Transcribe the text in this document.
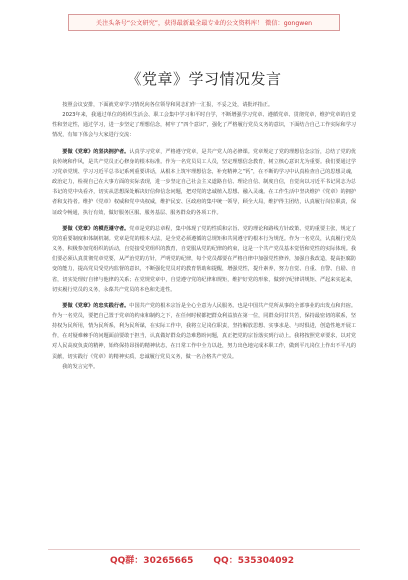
关注头条号“公文研究”，获得最新最全最专业的公文资料库！ 微信：gongwen
《党章》学习情况发言

按照会议安排，下面就党章学习情况向各位领导和同志们作一汇报，不妥之处，请批评指正。

2023年来，我通过单位的组织生活会、职工会集中学习和平时自学，不断增强学习党章、遵循党章、贯彻党章，维护党章的自觉性和坚定性，通过学习，进一步坚定了理想信念，树牢了“四个意识”，强化了严格履行党员义务的意识，下面结合自己工作实际和学习情况，有如下体会与大家进行交流：

要做《党章》的坚决拥护者。认真学习党章，严格遵守党章，是共产党人的必修课。党章规定了党的理想信念宗旨，总结了党的优良传统和作风，是共产党员正心修身的根本标准。作为一名党员员工人员，坚定理想信念教育，树立核心意识尤为重要。我们要通过学习党章党规、学习习近平总书记系列重要讲话，从根本上筑牢理想信念，补充精神之“钙”，在不断的学习中认真检查自己的思想灵魂，政治定力，检视自己在大事方面的实际表现，进一步坚定自己社会主义道路自信、理论自信、制度自信，自觉向以习近平书记同志为总书记的党中央看齐，切实从思想深处解决好信仰信念问题，把对党的忠诚植入思想、融入灵魂。在工作生活中坚决维护《党章》的拥护者和支持者。维护《党章》权威和党中央权威，维护民安、区政府的集中统一领导，顾全大局，维护得主团结，认真履行岗位职责，保证政令畅通，执行有效，做好服务区服、服务基层、服务群众的各项工作。

要做《党章》的模范遵守者。党章是党的总章程，集中体现了党的性质和宗旨、党的理论和路线方针政策、党的重要主张，规定了党的重要制度和体制机制。党章是党的根本大法，是全党必须遵循的总规矩和共同遵守的根本行为规范。作为一名党员，认真履行党员义务，积极参加党组织的活动，自觉接受党组织的教育，自觉服从党的纪律的约束，这是一个共产党员基本觉悟和党性的实际体现。我们要必须认真贯彻党章党要，从严治党的方针，严明党的纪律，每个党员都要在严格自律中加强党性修养，加强自我改造，提高拒腐防变的能力，提高党员受党内监督的意识，不断强化党员对的教育帮助和提醒，增强党性，提升素养，努力自觉、自重、自警、自励、自省，切实处理好自律与他律的关系；在党规党章中，自觉遵守党的纪律和规矩，维护好党的形象，做到守纪律讲规矩、严起来实起来，切实履行党员的义务，永葆共产党员的本色和先进性。

要做《党章》的忠实践行者。中国共产党的根本宗旨是全心全意为人民服务。也是中国共产党所从事的全部事业的出发点和归宿。作为一名党员，要把自己置于党章的约束和制约之下，在任何时候都把群众利益放在第一位，同群众同甘共苦，保持最密切的联系，坚持权为民所用，情为民所系，利为民所谋，在实际工作中，我将立足岗位职责，坚持解放思想、实事求是、与时俱进，创造性地开展工作，在对疑难棘手的问题面前要敢于担当，认真做好群众的急难愁盼问题，真正把党的宗旨落实到行动上。我将按照党章要求，以对党对人民高度负责的精神，始终保持昂扬的精神状态，在日常工作中全力以赴，努力出色地完成本职工作，做到平凡岗位上作出不平凡的贡献，切实践行《党章》的精神实质，忠诚履行党员义务，做一名合格共产党员。

我的发言完毕。

QQ群：30265665 QQ：535304092
